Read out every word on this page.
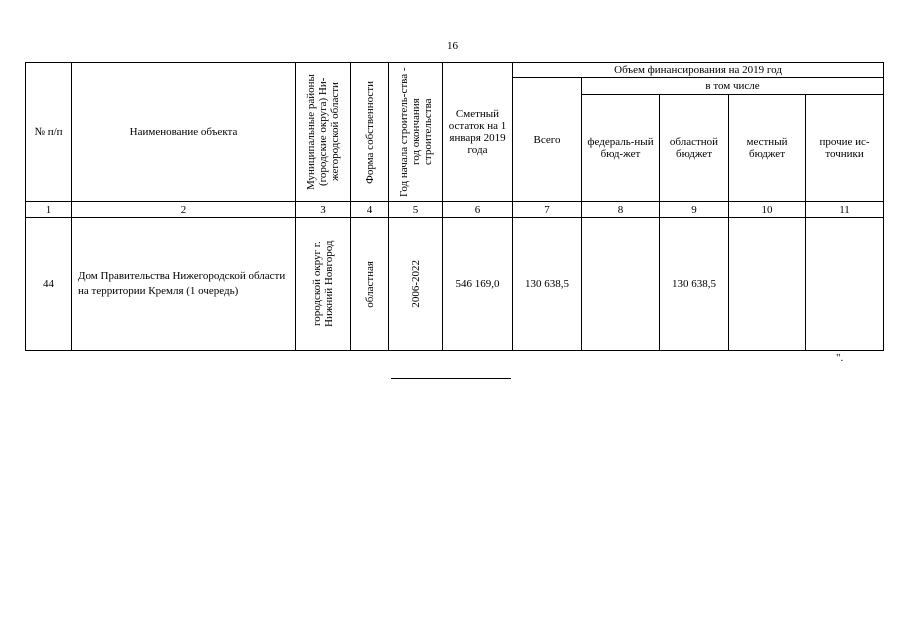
16
№ п/п	Наименование объекта	Муниципальные районы (городские округа) Ни-жегородской области	Форма собственности	Год начала строитель-ства - год окончания строительства	Сметный остаток на 1 января 2019 года	Объем финансирования на 2019 год				
						Всего	в том числе			
							федераль-ный бюд-жет	областной бюджет	местный бюджет	прочие ис-точники
1	2	3	4	5	6	7	8	9	10	11
44	Дом Правительства Нижегородской области на территории Кремля (1 очередь)	городской округ г. Нижний Новгород	областная	2006-2022	546 169,0	130 638,5		130 638,5		
".
